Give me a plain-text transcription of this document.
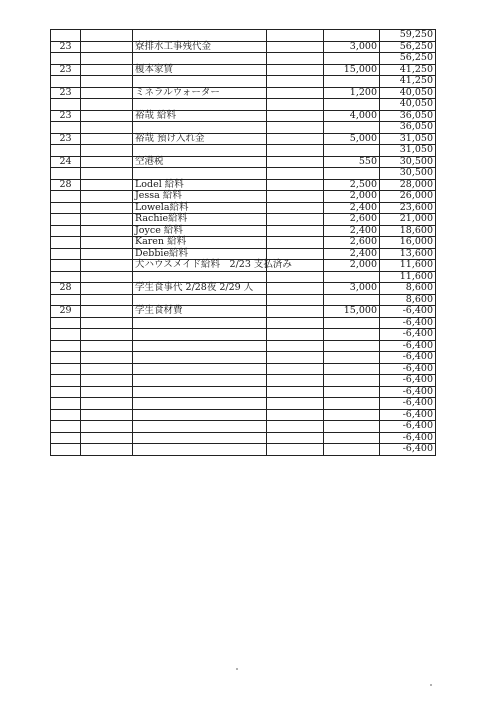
					59,250
23		寮排水工事残代金		3,000	56,250
					56,250
23		榎本家賃		15,000	41,250
					41,250
23		ミネラルウォーター		1,200	40,050
					40,050
23		裕哉 給料		4,000	36,050
					36,050
23		裕哉 預け入れ金		5,000	31,050
					31,050
24		空港税		550	30,500
					30,500
28		Lodel 給料		2,500	28,000
		Jessa 給料		2,000	26,000
		Lowela給料		2,400	23,600
		Rachie給料		2,600	21,000
		Joyce 給料		2,400	18,600
		Karen 給料		2,600	16,000
		Debbie給料		2,400	13,600
		犬ハウスメイド給料　2/23 支払済み		2,000	11,600
					11,600
28		学生食事代 2/28夜 2/29 人		3,000	8,600
					8,600
29		学生食材費		15,000	-6,400
					-6,400
					-6,400
					-6,400
					-6,400
					-6,400
					-6,400
					-6,400
					-6,400
					-6,400
					-6,400
					-6,400
					-6,400
